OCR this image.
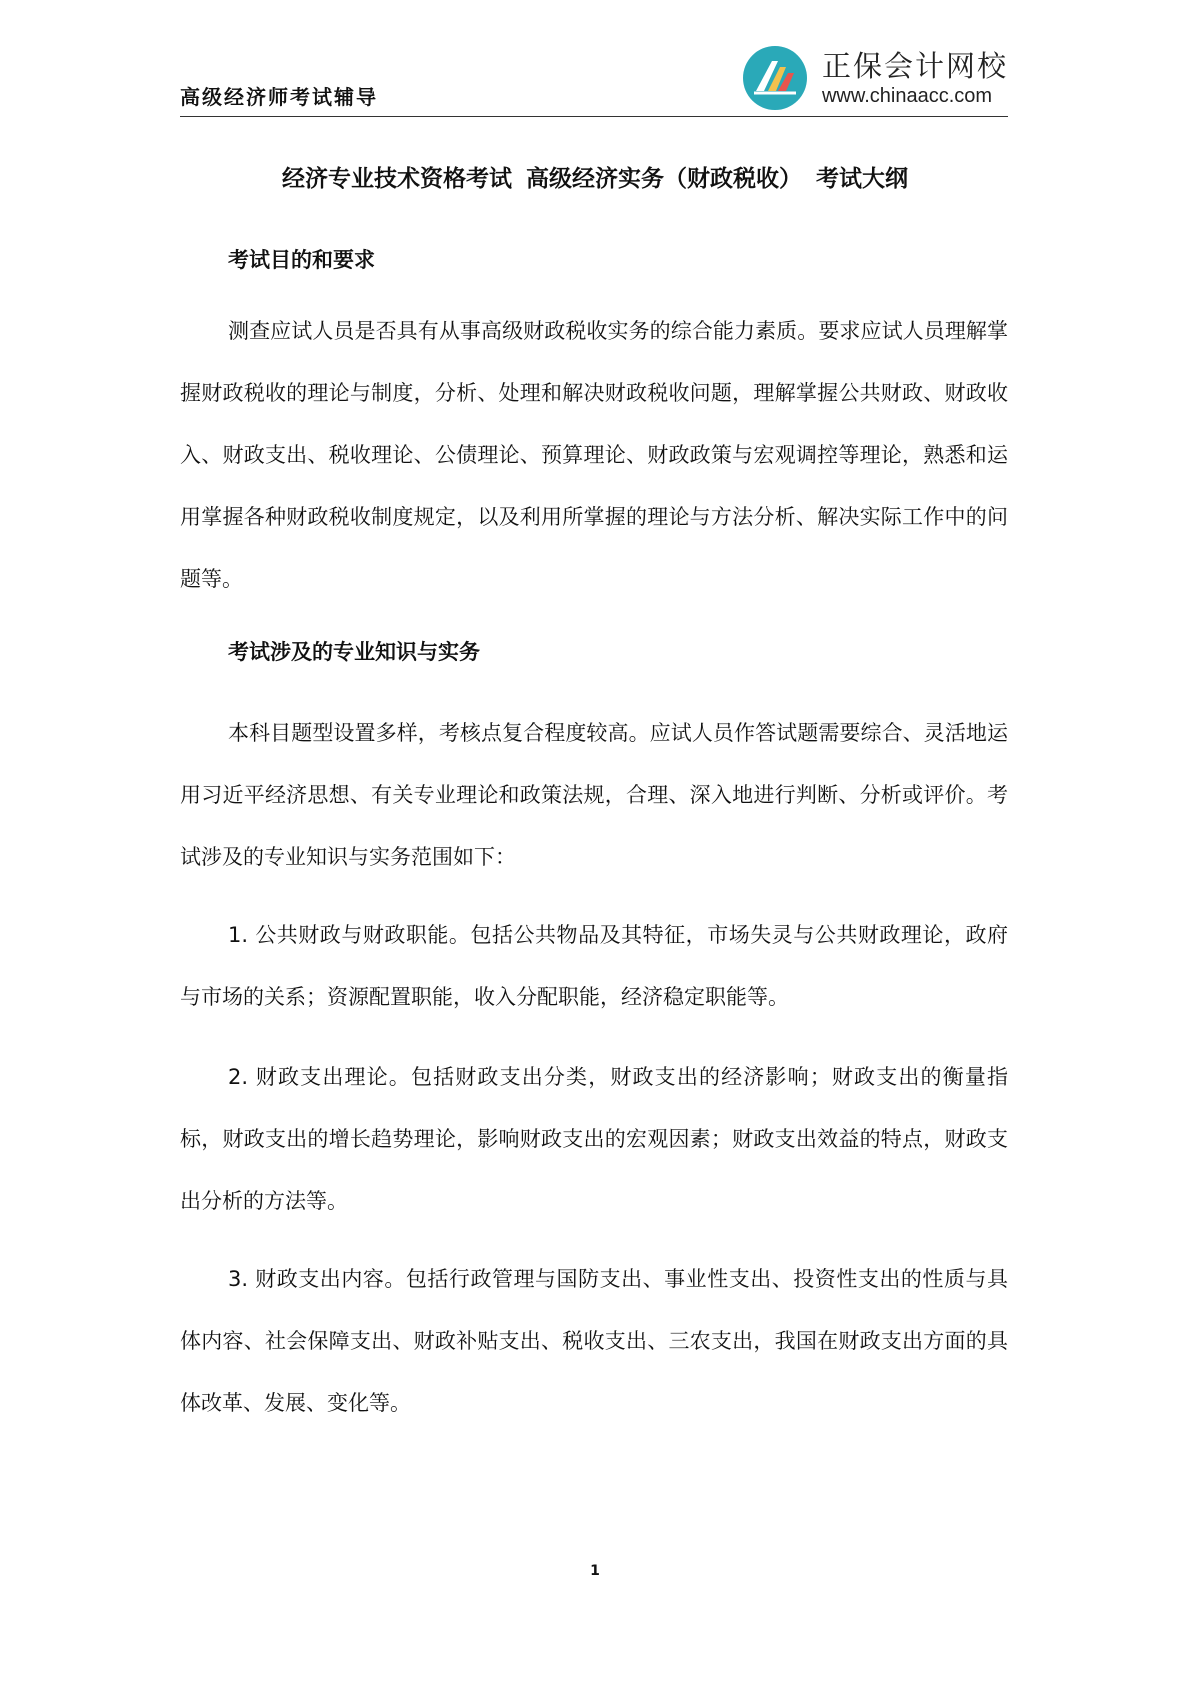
高级经济师考试辅导
正保会计网校
www.chinaacc.com
经济专业技术资格考试 高级经济实务（财政税收） 考试大纲
考试目的和要求

测查应试人员是否具有从事高级财政税收实务的综合能力素质。要求应试人员理解掌握财政税收的理论与制度，分析、处理和解决财政税收问题，理解掌握公共财政、财政收入、财政支出、税收理论、公债理论、预算理论、财政政策与宏观调控等理论，熟悉和运用掌握各种财政税收制度规定，以及利用所掌握的理论与方法分析、解决实际工作中的问题等。

考试涉及的专业知识与实务

本科目题型设置多样，考核点复合程度较高。应试人员作答试题需要综合、灵活地运用习近平经济思想、有关专业理论和政策法规，合理、深入地进行判断、分析或评价。考试涉及的专业知识与实务范围如下：

1. 公共财政与财政职能。包括公共物品及其特征，市场失灵与公共财政理论，政府与市场的关系；资源配置职能，收入分配职能，经济稳定职能等。

2. 财政支出理论。包括财政支出分类，财政支出的经济影响；财政支出的衡量指标，财政支出的增长趋势理论，影响财政支出的宏观因素；财政支出效益的特点，财政支出分析的方法等。

3. 财政支出内容。包括行政管理与国防支出、事业性支出、投资性支出的性质与具体内容、社会保障支出、财政补贴支出、税收支出、三农支出，我国在财政支出方面的具体改革、发展、变化等。

1
